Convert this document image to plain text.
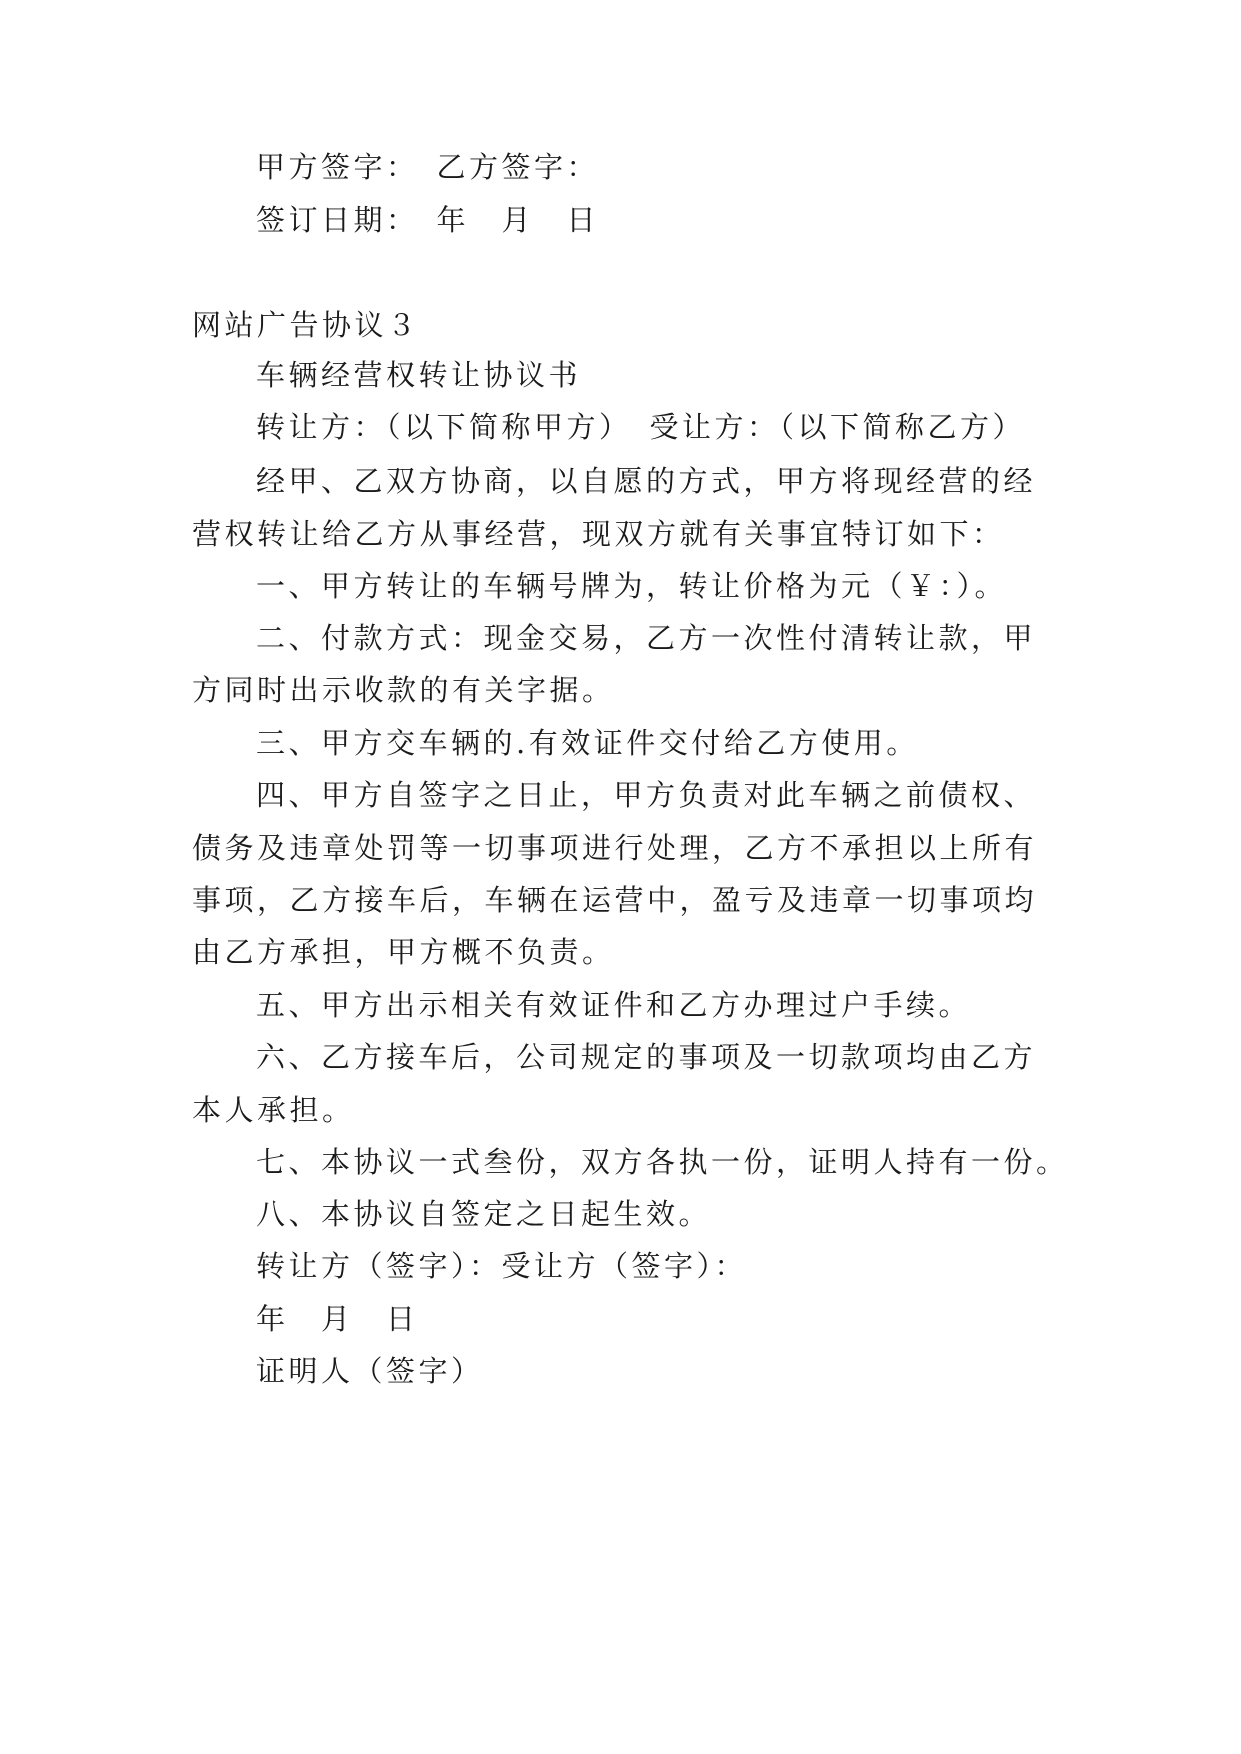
甲方签字：　乙方签字：
签订日期：　年　月　日
网站广告协议３
车辆经营权转让协议书
转让方：（以下简称甲方）　受让方：（以下简称乙方）
经甲、乙双方协商，以自愿的方式，甲方将现经营的经
营权转让给乙方从事经营，现双方就有关事宜特订如下：
一、甲方转让的车辆号牌为，转让价格为元（￥：）。
二、付款方式：现金交易，乙方一次性付清转让款，甲
方同时出示收款的有关字据。
三、甲方交车辆的.有效证件交付给乙方使用。
四、甲方自签字之日止，甲方负责对此车辆之前债权、
债务及违章处罚等一切事项进行处理，乙方不承担以上所有
事项，乙方接车后，车辆在运营中，盈亏及违章一切事项均
由乙方承担，甲方概不负责。
五、甲方出示相关有效证件和乙方办理过户手续。
六、乙方接车后，公司规定的事项及一切款项均由乙方
本人承担。
七、本协议一式叁份，双方各执一份，证明人持有一份。
八、本协议自签定之日起生效。
转让方（签字）：受让方（签字）：
年　月　日
证明人（签字）
